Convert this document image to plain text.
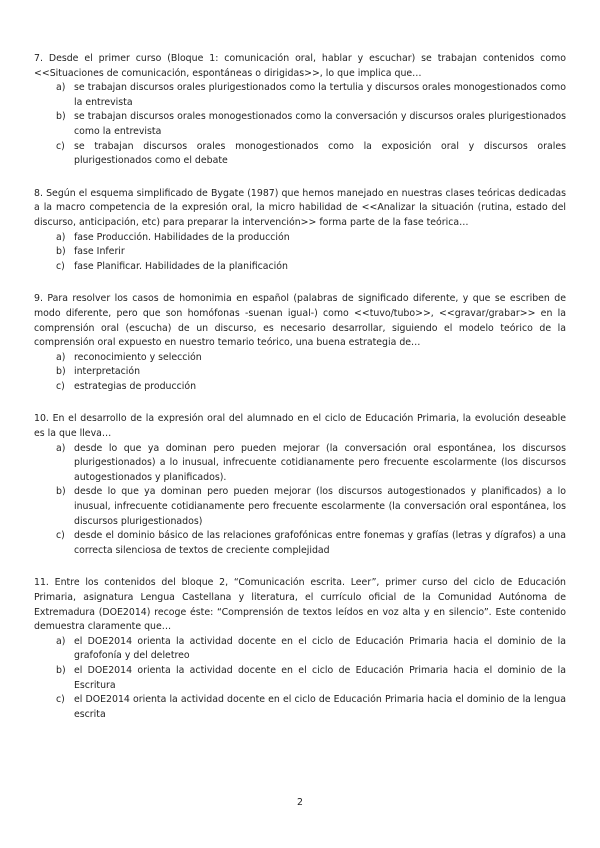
7. Desde el primer curso (Bloque 1: comunicación oral, hablar y escuchar) se trabajan contenidos como <<Situaciones de comunicación, espontáneas o dirigidas>>, lo que implica que…

a) se trabajan discursos orales plurigestionados como la tertulia y discursos orales monogestionados como la entrevista
b) se trabajan discursos orales monogestionados como la conversación y discursos orales plurigestionados como la entrevista
c) se trabajan discursos orales monogestionados como la exposición oral y discursos orales plurigestionados como el debate

8. Según el esquema simplificado de Bygate (1987) que hemos manejado en nuestras clases teóricas dedicadas a la macro competencia de la expresión oral, la micro habilidad de <<Analizar la situación (rutina, estado del discurso, anticipación, etc) para preparar la intervención>> forma parte de la fase teórica…

a) fase Producción. Habilidades de la producción
b) fase Inferir
c) fase Planificar. Habilidades de la planificación

9. Para resolver los casos de homonimia en español (palabras de significado diferente, y que se escriben de modo diferente, pero que son homófonas -suenan igual-) como <<tuvo/tubo>>, <<gravar/grabar>> en la comprensión oral (escucha) de un discurso, es necesario desarrollar, siguiendo el modelo teórico de la comprensión oral expuesto en nuestro temario teórico, una buena estrategia de…

a) reconocimiento y selección
b) interpretación
c) estrategias de producción

10. En el desarrollo de la expresión oral del alumnado en el ciclo de Educación Primaria, la evolución deseable es la que lleva…

a) desde lo que ya dominan pero pueden mejorar (la conversación oral espontánea, los discursos plurigestionados) a lo inusual, infrecuente cotidianamente pero frecuente escolarmente (los discursos autogestionados y planificados).
b) desde lo que ya dominan pero pueden mejorar (los discursos autogestionados y planificados) a lo inusual, infrecuente cotidianamente pero frecuente escolarmente (la conversación oral espontánea, los discursos plurigestionados)
c) desde el dominio básico de las relaciones grafofónicas entre fonemas y grafías (letras y dígrafos) a una correcta silenciosa de textos de creciente complejidad

11. Entre los contenidos del bloque 2, “Comunicación escrita. Leer”, primer curso del ciclo de Educación Primaria, asignatura Lengua Castellana y literatura, el currículo oficial de la Comunidad Autónoma de Extremadura (DOE2014) recoge éste: “Comprensión de textos leídos en voz alta y en silencio”. Este contenido demuestra claramente que…

a) el DOE2014 orienta la actividad docente en el ciclo de Educación Primaria hacia el dominio de la grafofonía y del deletreo
b) el DOE2014 orienta la actividad docente en el ciclo de Educación Primaria hacia el dominio de la Escritura
c) el DOE2014 orienta la actividad docente en el ciclo de Educación Primaria hacia el dominio de la lengua escrita
2
